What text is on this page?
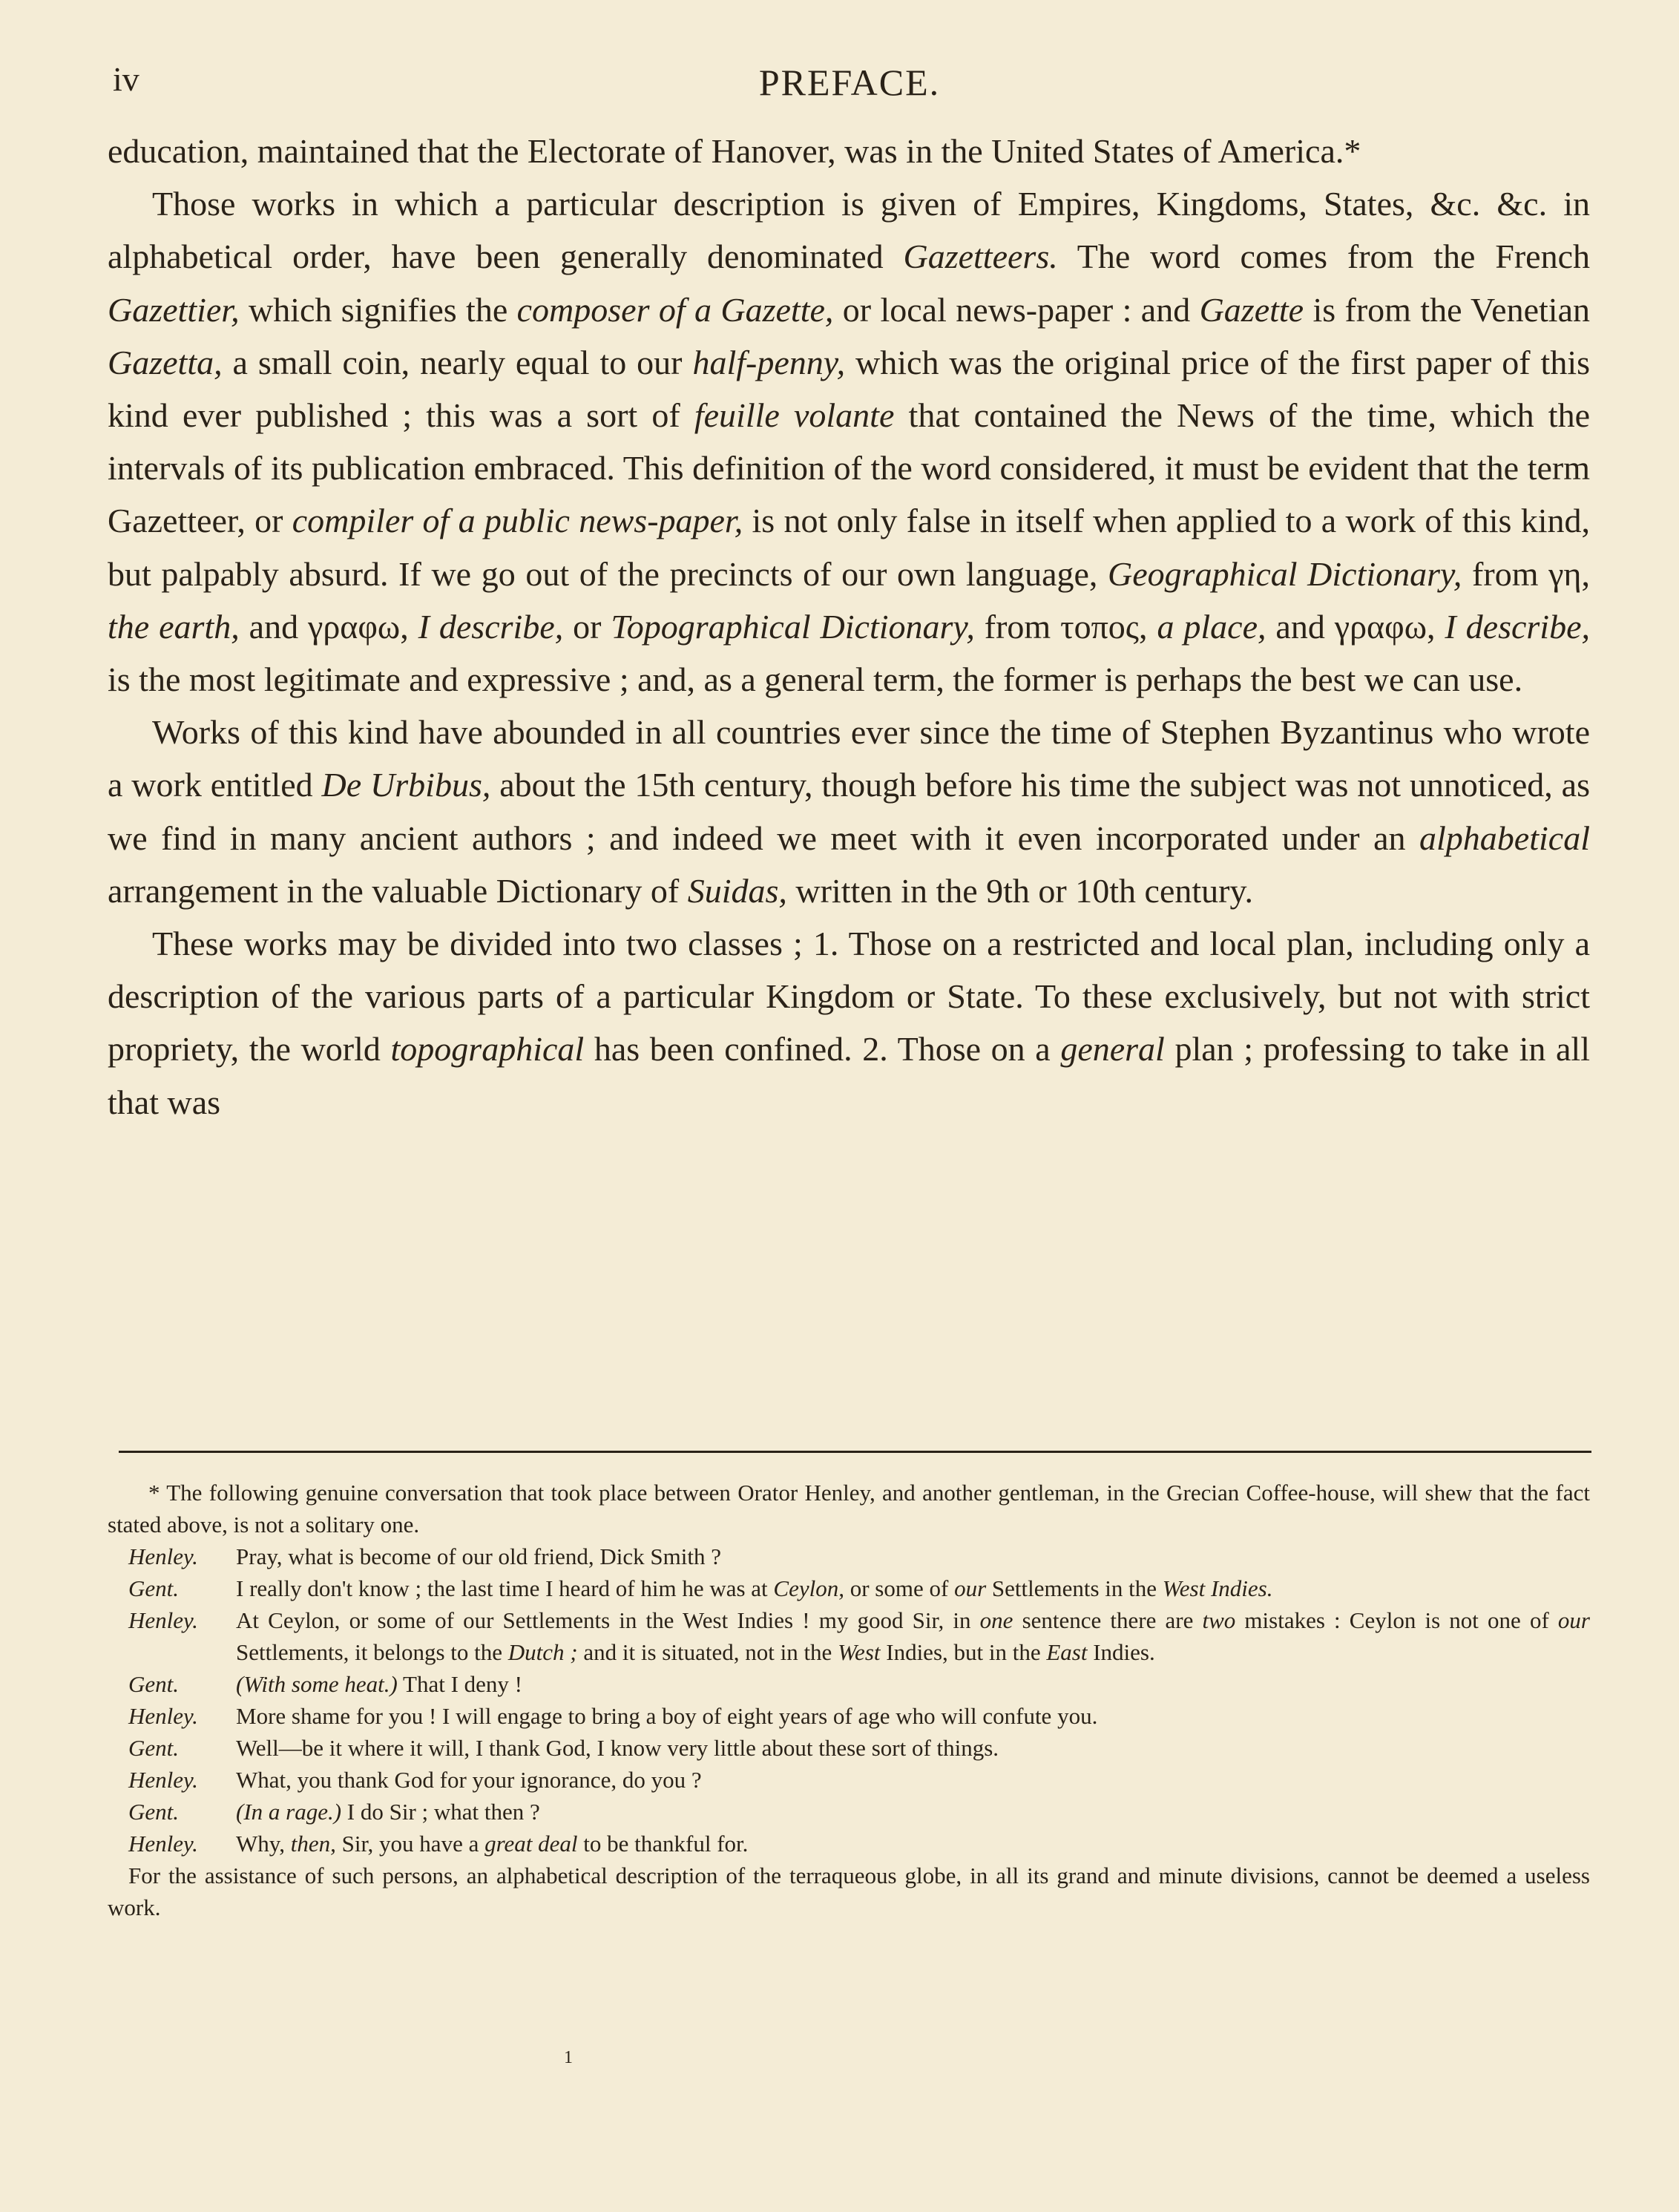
iv	PREFACE.

education, maintained that the Electorate of Hanover, was in the United States of America.*

Those works in which a particular description is given of Empires, Kingdoms, States, &c. &c. in alphabetical order, have been generally denominated Gazetteers. The word comes from the French Gazettier, which signifies the composer of a Gazette, or local news-paper : and Gazette is from the Venetian Gazetta, a small coin, nearly equal to our half-penny, which was the original price of the first paper of this kind ever published ; this was a sort of feuille volante that contained the News of the time, which the intervals of its publication embraced. This definition of the word considered, it must be evident that the term Gazetteer, or compiler of a public news-paper, is not only false in itself when applied to a work of this kind, but palpably absurd. If we go out of the precincts of our own language, Geographical Dictionary, from γη, the earth, and γραφω, I describe, or Topographical Dictionary, from τοπος, a place, and γραφω, I describe, is the most legitimate and expressive ; and, as a general term, the former is perhaps the best we can use.

Works of this kind have abounded in all countries ever since the time of Stephen Byzantinus who wrote a work entitled De Urbibus, about the 15th century, though before his time the subject was not unnoticed, as we find in many ancient authors ; and indeed we meet with it even incorporated under an alphabetical arrangement in the valuable Dictionary of Suidas, written in the 9th or 10th century.

These works may be divided into two classes ; 1. Those on a restricted and local plan, including only a description of the various parts of a particular Kingdom or State. To these exclusively, but not with strict propriety, the world topographical has been confined. 2. Those on a general plan ; professing to take in all that was

* The following genuine conversation that took place between Orator Henley, and another gentleman, in the Grecian Coffee-house, will shew that the fact stated above, is not a solitary one.

Henley.	Pray, what is become of our old friend, Dick Smith ?
Gent.	I really don't know ; the last time I heard of him he was at Ceylon, or some of our Settlements in the West Indies.
Henley.	At Ceylon, or some of our Settlements in the West Indies ! my good Sir, in one sentence there are two mistakes : Ceylon is not one of our Settlements, it belongs to the Dutch ; and it is situated, not in the West Indies, but in the East Indies.
Gent.	(With some heat.) That I deny !
Henley.	More shame for you ! I will engage to bring a boy of eight years of age who will confute you.
Gent.	Well—be it where it will, I thank God, I know very little about these sort of things.
Henley.	What, you thank God for your ignorance, do you ?
Gent.	(In a rage.) I do Sir ; what then ?
Henley.	Why, then, Sir, you have a great deal to be thankful for.

For the assistance of such persons, an alphabetical description of the terraqueous globe, in all its grand and minute divisions, cannot be deemed a useless work.

1
